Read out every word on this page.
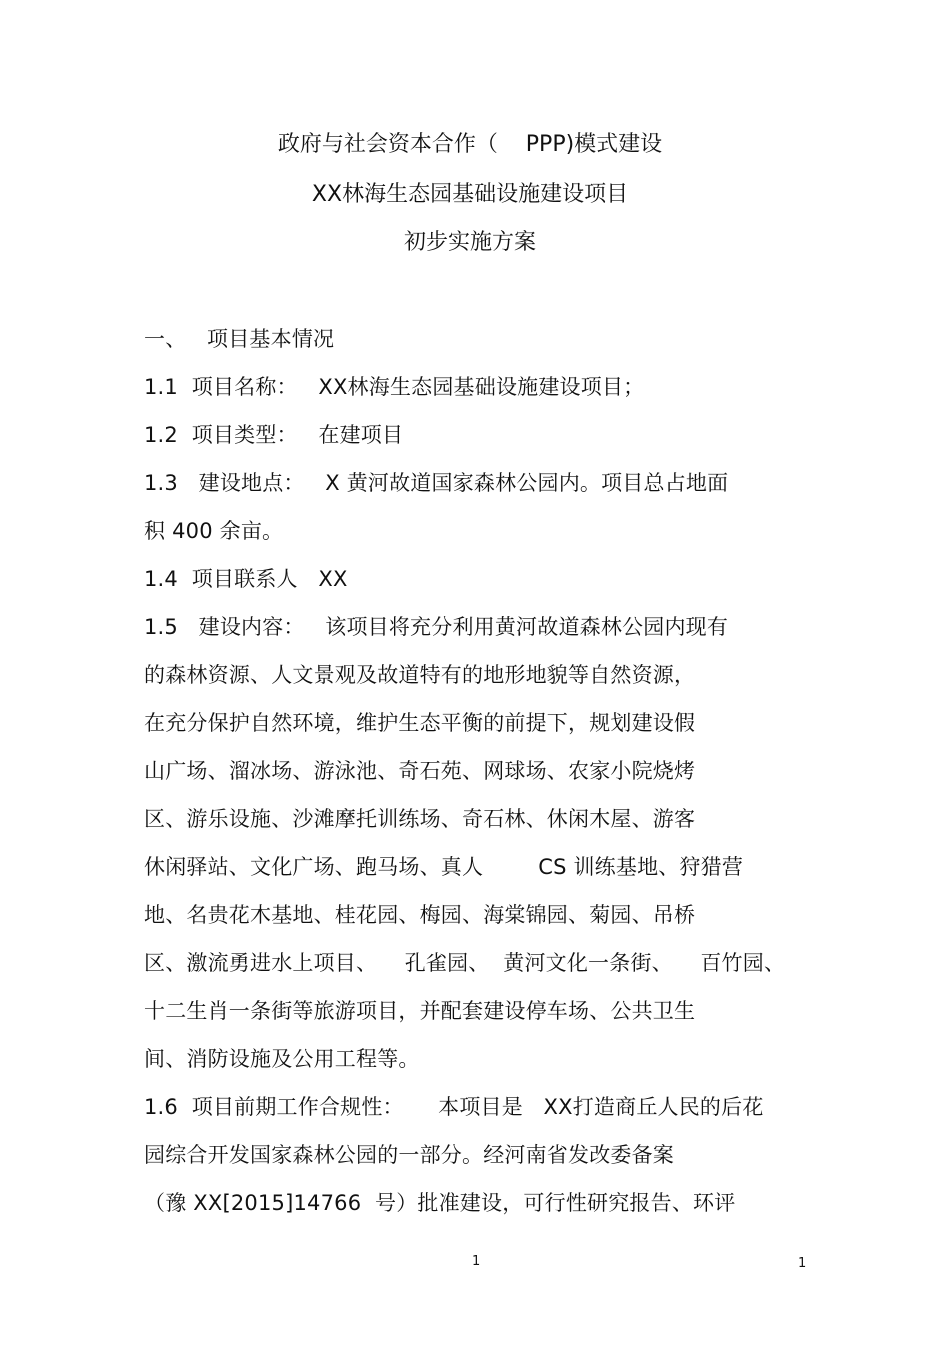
政府与社会资本合作（    PPP)模式建设
XX林海生态园基础设施建设项目
初步实施方案
一、   项目基本情况
1.1  项目名称：   XX林海生态园基础设施建设项目；
1.2  项目类型：   在建项目
1.3   建设地点：   X 黄河故道国家森林公园内。项目总占地面
积 400 余亩。
1.4  项目联系人   XX
1.5   建设内容：   该项目将充分利用黄河故道森林公园内现有
的森林资源、人文景观及故道特有的地形地貌等自然资源，
在充分保护自然环境，维护生态平衡的前提下，规划建设假
山广场、溜冰场、游泳池、奇石苑、网球场、农家小院烧烤
区、游乐设施、沙滩摩托训练场、奇石林、休闲木屋、游客
休闲驿站、文化广场、跑马场、真人        CS 训练基地、狩猎营
地、名贵花木基地、桂花园、梅园、海棠锦园、菊园、吊桥
区、激流勇进水上项目、    孔雀园、  黄河文化一条街、    百竹园、
十二生肖一条街等旅游项目，并配套建设停车场、公共卫生
间、消防设施及公用工程等。
1.6  项目前期工作合规性：     本项目是   XX打造商丘人民的后花
园综合开发国家森林公园的一部分。经河南省发改委备案
（豫 XX[2015]14766  号）批准建设，可行性研究报告、环评
1	1
